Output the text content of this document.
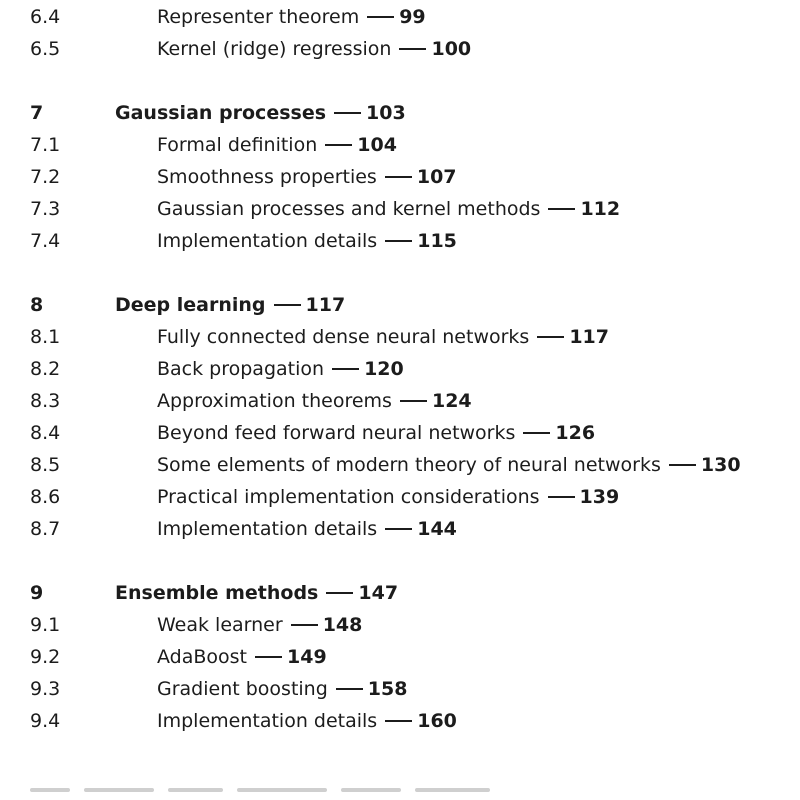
6.4	Representer theorem 99
6.5	Kernel (ridge) regression 100
7	Gaussian processes 103
7.1	Formal definition 104
7.2	Smoothness properties 107
7.3	Gaussian processes and kernel methods 112
7.4	Implementation details 115
8	Deep learning 117
8.1	Fully connected dense neural networks 117
8.2	Back propagation 120
8.3	Approximation theorems 124
8.4	Beyond feed forward neural networks 126
8.5	Some elements of modern theory of neural networks 130
8.6	Practical implementation considerations 139
8.7	Implementation details 144
9	Ensemble methods 147
9.1	Weak learner 148
9.2	AdaBoost 149
9.3	Gradient boosting 158
9.4	Implementation details 160
